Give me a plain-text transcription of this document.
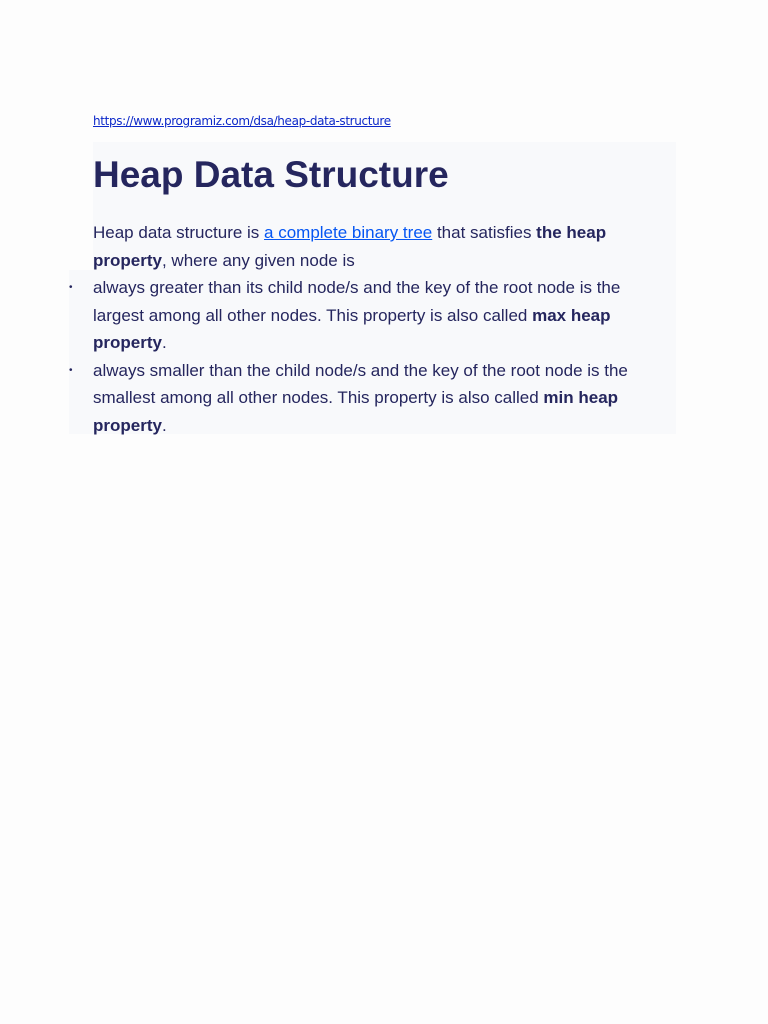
https://www.programiz.com/dsa/heap-data-structure
Heap Data Structure

Heap data structure is a complete binary tree that satisfies the heap property, where any given node is

•	always greater than its child node/s and the key of the root node is the largest among all other nodes. This property is also called max heap property.
•	always smaller than the child node/s and the key of the root node is the smallest among all other nodes. This property is also called min heap property.
